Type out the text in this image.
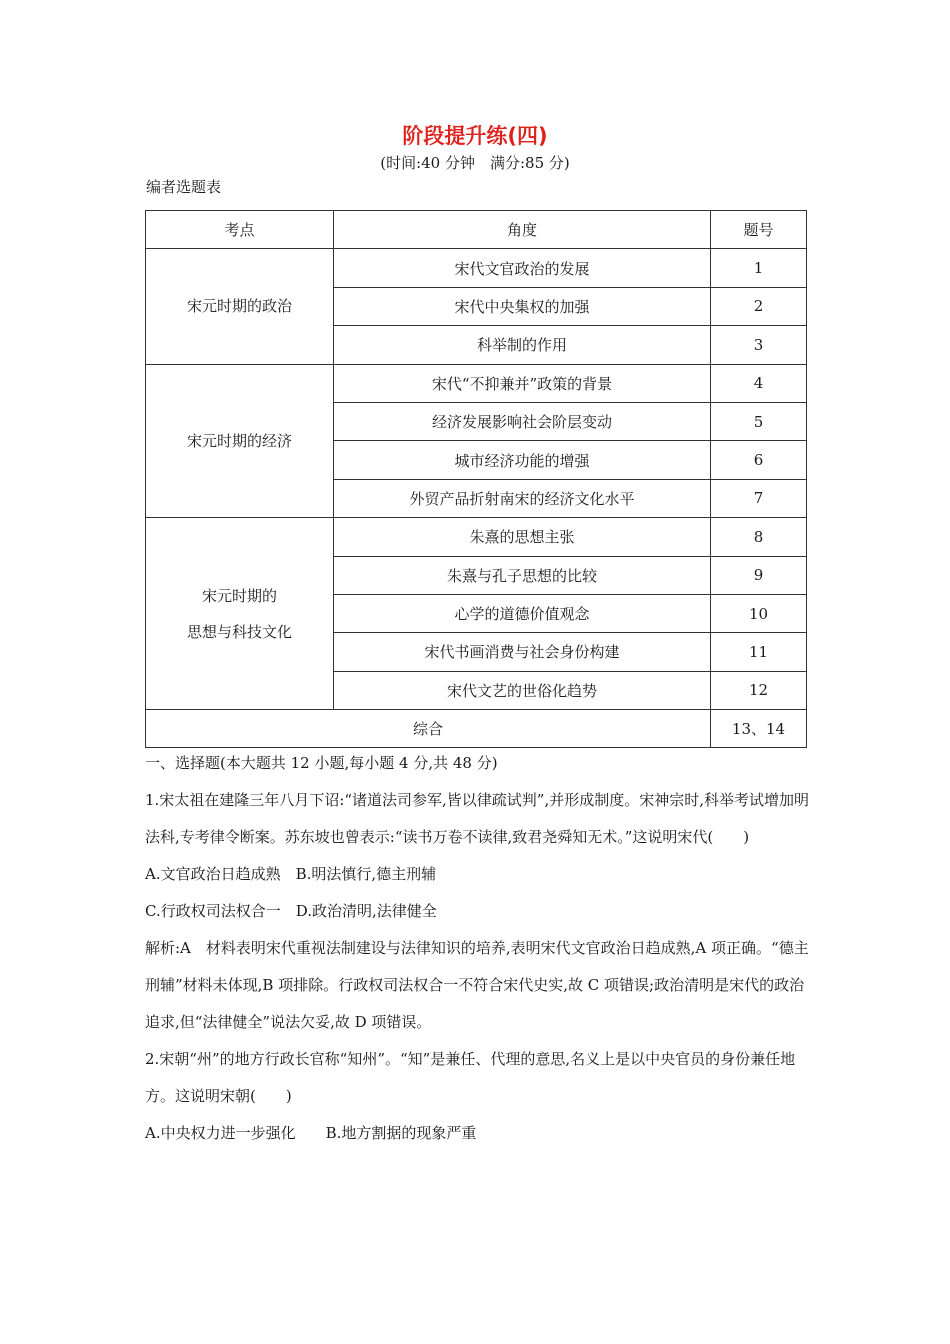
阶段提升练(四)
(时间:40 分钟　满分:85 分)
编者选题表
考点	角度	题号

宋元时期的政治	宋代文官政治的发展	1
	宋代中央集权的加强	2
	科举制的作用	3

宋元时期的经济	宋代“不抑兼并”政策的背景	4
	经济发展影响社会阶层变动	5
	城市经济功能的增强	6
	外贸产品折射南宋的经济文化水平	7

宋元时期的
思想与科技文化	朱熹的思想主张	8
	朱熹与孔子思想的比较	9
	心学的道德价值观念	10
	宋代书画消费与社会身份构建	11
	宋代文艺的世俗化趋势	12
综合		13、14

一、选择题(本大题共 12 小题,每小题 4 分,共 48 分)

1.宋太祖在建隆三年八月下诏:“诸道法司参军,皆以律疏试判”,并形成制度。宋神宗时,科举考试增加明法科,专考律令断案。苏东坡也曾表示:“读书万卷不读律,致君尧舜知无术。”这说明宋代(　　)

A.文官政治日趋成熟　B.明法慎行,德主刑辅

C.行政权司法权合一　D.政治清明,法律健全

解析:A　材料表明宋代重视法制建设与法律知识的培养,表明宋代文官政治日趋成熟,A 项正确。“德主刑辅”材料未体现,B 项排除。行政权司法权合一不符合宋代史实,故 C 项错误;政治清明是宋代的政治追求,但“法律健全”说法欠妥,故 D 项错误。

2.宋朝“州”的地方行政长官称“知州”。“知”是兼任、代理的意思,名义上是以中央官员的身份兼任地方。这说明宋朝(　　)

A.中央权力进一步强化　　B.地方割据的现象严重
